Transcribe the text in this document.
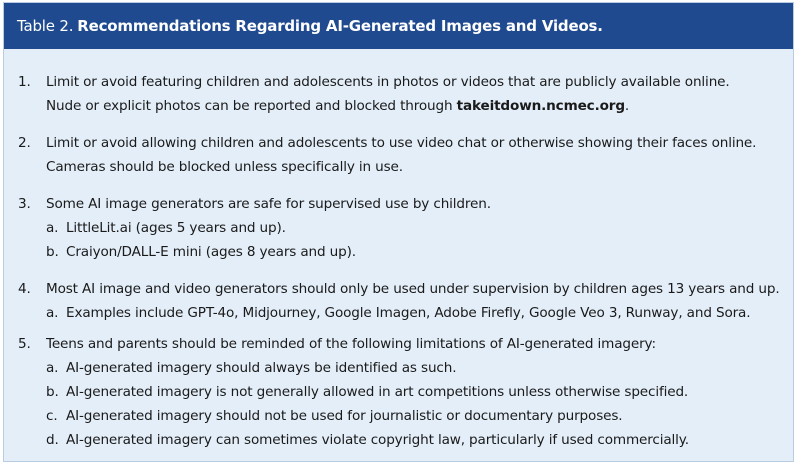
Table 2. Recommendations Regarding AI-Generated Images and Videos.
1. Limit or avoid featuring children and adolescents in photos or videos that are publicly available online.
Nude or explicit photos can be reported and blocked through takeitdown.ncmec.org.
2. Limit or avoid allowing children and adolescents to use video chat or otherwise showing their faces online.
Cameras should be blocked unless specifically in use.
3. Some AI image generators are safe for supervised use by children.
a. LittleLit.ai (ages 5 years and up).
b. Craiyon/DALL-E mini (ages 8 years and up).
4. Most AI image and video generators should only be used under supervision by children ages 13 years and up.
a. Examples include GPT-4o, Midjourney, Google Imagen, Adobe Firefly, Google Veo 3, Runway, and Sora.
5. Teens and parents should be reminded of the following limitations of AI-generated imagery:
a. AI-generated imagery should always be identified as such.
b. AI-generated imagery is not generally allowed in art competitions unless otherwise specified.
c. AI-generated imagery should not be used for journalistic or documentary purposes.
d. AI-generated imagery can sometimes violate copyright law, particularly if used commercially.
